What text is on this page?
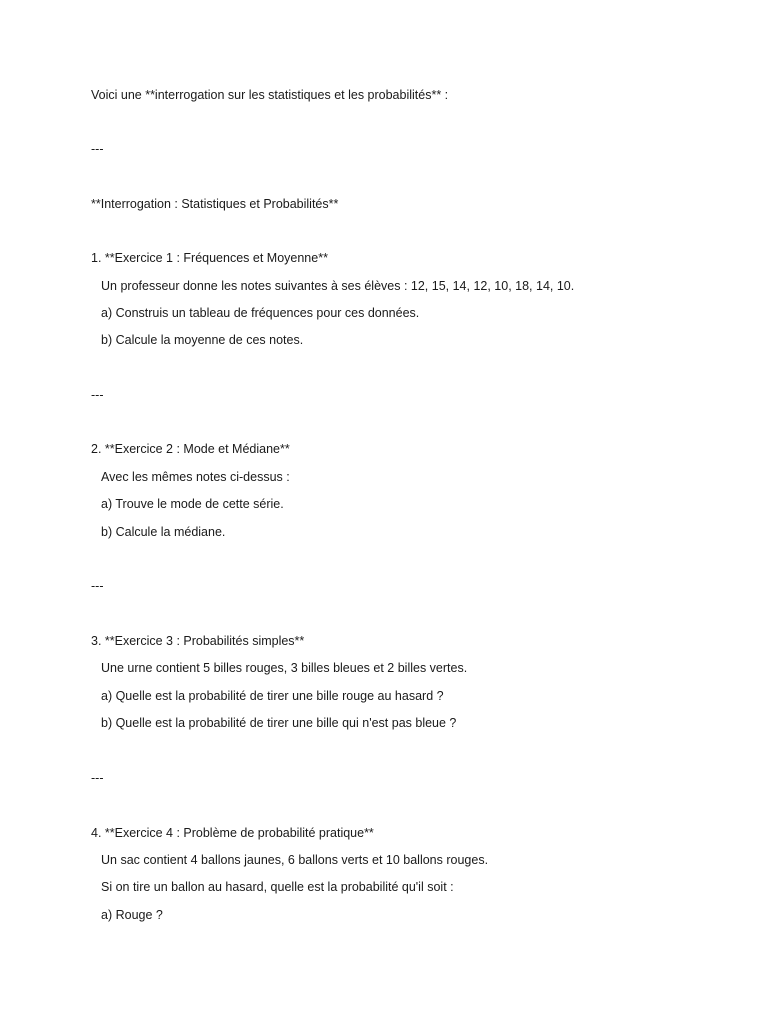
Voici une **interrogation sur les statistiques et les probabilités** :
---
**Interrogation : Statistiques et Probabilités**
1. **Exercice 1 : Fréquences et Moyenne**
Un professeur donne les notes suivantes à ses élèves : 12, 15, 14, 12, 10, 18, 14, 10.
a) Construis un tableau de fréquences pour ces données.
b) Calcule la moyenne de ces notes.
---
2. **Exercice 2 : Mode et Médiane**
Avec les mêmes notes ci-dessus :
a) Trouve le mode de cette série.
b) Calcule la médiane.
---
3. **Exercice 3 : Probabilités simples**
Une urne contient 5 billes rouges, 3 billes bleues et 2 billes vertes.
a) Quelle est la probabilité de tirer une bille rouge au hasard ?
b) Quelle est la probabilité de tirer une bille qui n'est pas bleue ?
---
4. **Exercice 4 : Problème de probabilité pratique**
Un sac contient 4 ballons jaunes, 6 ballons verts et 10 ballons rouges.
Si on tire un ballon au hasard, quelle est la probabilité qu'il soit :
a) Rouge ?
